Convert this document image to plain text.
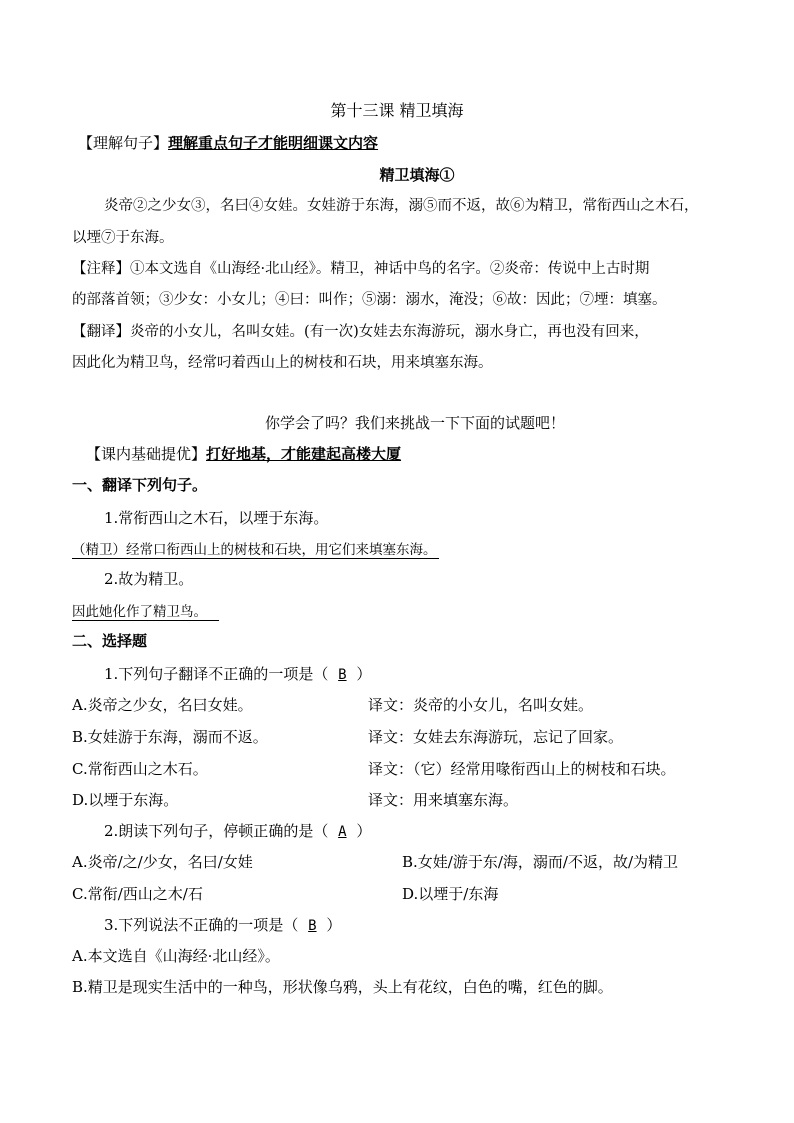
第十三课 精卫填海
【理解句子】理解重点句子才能明细课文内容
精卫填海①
炎帝②之少女③，名曰④女娃。女娃游于东海，溺⑤而不返，故⑥为精卫，常衔西山之木石，
以堙⑦于东海。
【注释】①本文选自《山海经·北山经》。精卫，神话中鸟的名字。②炎帝：传说中上古时期
的部落首领；③少女：小女儿；④曰：叫作；⑤溺：溺水，淹没；⑥故：因此；⑦堙：填塞。
【翻译】炎帝的小女儿，名叫女娃。(有一次)女娃去东海游玩，溺水身亡，再也没有回来，
因此化为精卫鸟，经常叼着西山上的树枝和石块，用来填塞东海。
你学会了吗？我们来挑战一下下面的试题吧！
【课内基础提优】打好地基，才能建起高楼大厦
一、翻译下列句子。
1.常衔西山之木石，以堙于东海。
（精卫）经常口衔西山上的树枝和石块，用它们来填塞东海。
2.故为精卫。
因此她化作了精卫鸟。
二、选择题
1.下列句子翻译不正确的一项是（ B ）
A.炎帝之少女，名曰女娃。	译文：炎帝的小女儿，名叫女娃。
B.女娃游于东海，溺而不返。	译文：女娃去东海游玩，忘记了回家。
C.常衔西山之木石。	译文：（它）经常用喙衔西山上的树枝和石块。
D.以堙于东海。	译文：用来填塞东海。
2.朗读下列句子，停顿正确的是（ A ）
A.炎帝/之/少女，名曰/女娃	B.女娃/游于东/海，溺而/不返，故/为精卫
C.常衔/西山之木/石	D.以堙于/东海
3.下列说法不正确的一项是（ B ）
A.本文选自《山海经·北山经》。
B.精卫是现实生活中的一种鸟，形状像乌鸦，头上有花纹，白色的嘴，红色的脚。
